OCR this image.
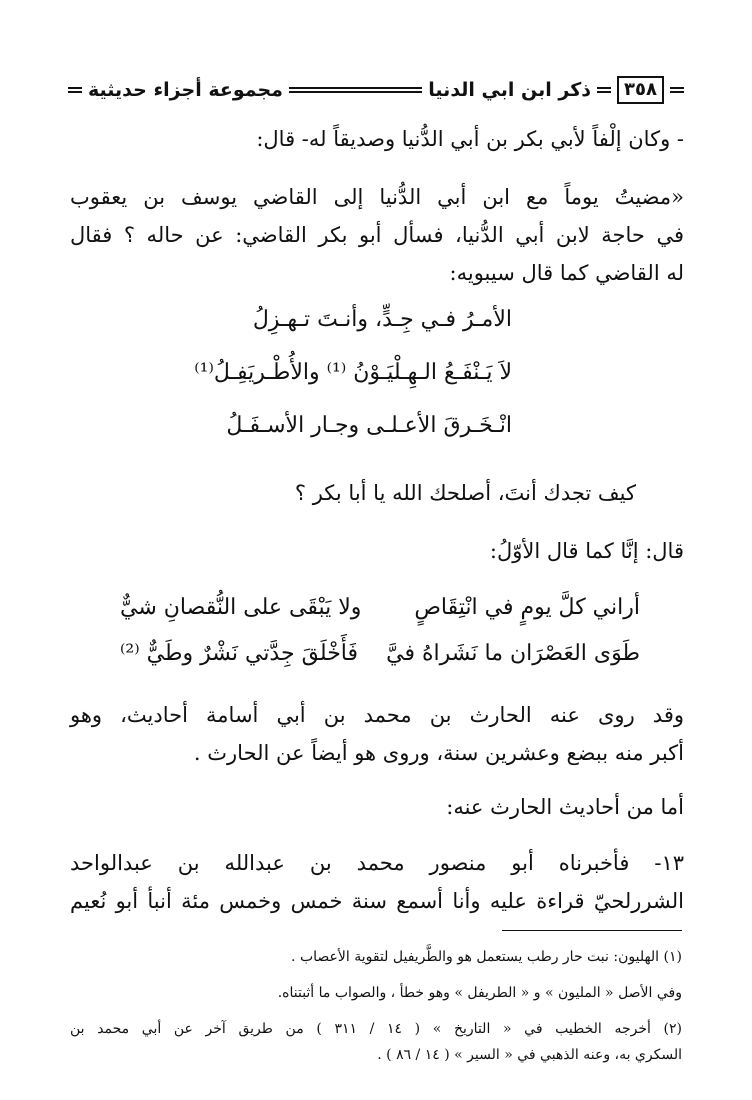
٣٥٨
ذكر ابن ابي الدنيا
مجموعة أجزاء حديثية
- وكان إلْفاً لأبي بكر بن أبي الدُّنيا وصديقاً له- قال:
«مضيتُ يوماً مع ابن أبي الدُّنيا إلى القاضي يوسف بن يعقوب
في حاجة لابن أبي الدُّنيا، فسأل أبو بكر القاضي: عن حاله ؟ فقال
له القاضي كما قال سيبويه:
الأمـرُ فـي جِـدٍّ، وأنـتَ تـهـزِلُ
لاَ يَـنْفَـعُ الـهِـلْيَـوْنُ ⁽¹⁾ والأُطْـريَفِـلُ⁽¹⁾
انْـخَـرقَ الأعـلـى وجـار الأسـفَـلُ
كيف تجدك أنتَ، أصلحك الله يا أبا بكر ؟
قال: إنَّا كما قال الأوّلُ:
أراني كلَّ يومٍ في انْتِقَاصٍ
ولا يَبْقَى على النُّقصانِ شيٌّ
طَوَى العَصْرَان ما نَشَراهُ فيَّ
فَأَخْلَقَ جِدَّتي نَشْرٌ وطَيٌّ ⁽²⁾
وقد روى عنه الحارث بن محمد بن أبي أسامة أحاديث، وهو
أكبر منه ببضع وعشرين سنة، وروى هو أيضاً عن الحارث .
أما من أحاديث الحارث عنه:
١٣- فأخبرناه أبو منصور محمد بن عبدالله بن عبدالواحد
الشررلحيّ قراءة عليه وأنا أسمع سنة خمس وخمس مئة أنبأ أبو نُعيم
(١) الهليون: نبت حار رطب يستعمل هو والطَّريفيل لتقوية الأعصاب .
وفي الأصل « المليون » و « الطريفل » وهو خطأ ، والصواب ما أثبتناه.
(٢) أخرجه الخطيب في « التاريخ » ( ١٤ / ٣١١ ) من طريق آخر عن أبي محمد بن
السكري به، وعنه الذهبي في « السير » ( ١٤ / ٨٦ ) .
